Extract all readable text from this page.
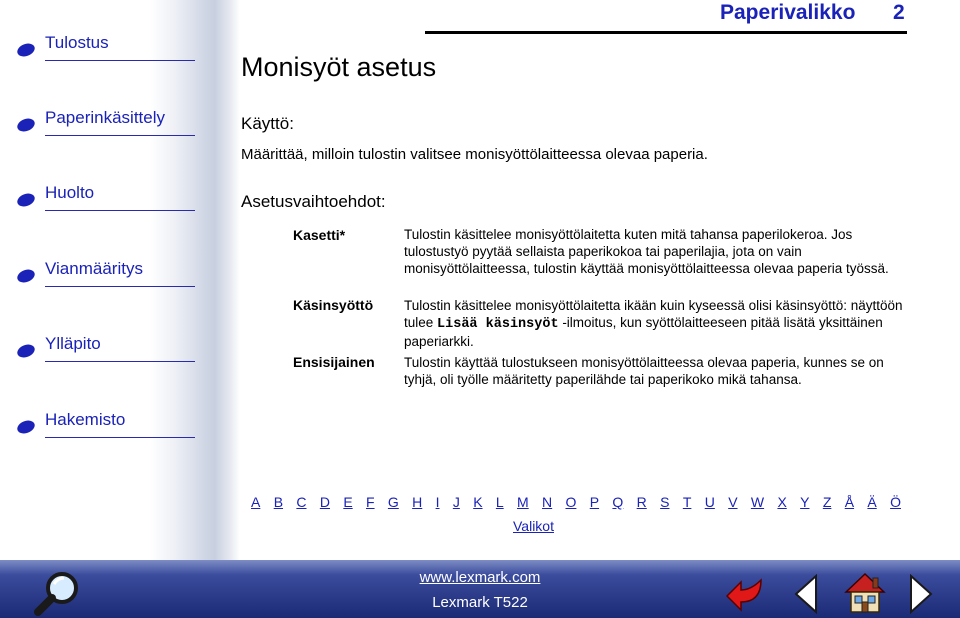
Tulostus
Paperinkäsittely
Huolto
Vianmääritys
Ylläpito
Hakemisto
Paperivalikko 2
Monisyöt asetus
Käyttö:
Määrittää, milloin tulostin valitsee monisyöttölaitteessa olevaa paperia.
Asetusvaihtoehdot:
Kasetti*	Tulostin käsittelee monisyöttölaitetta kuten mitä tahansa paperilokeroa. Jos tulostustyö pyytää sellaista paperikokoa tai paperilajia, jota on vain monisyöttölaitteessa, tulostin käyttää monisyöttölaitteessa olevaa paperia työssä.
Käsinsyöttö Tulostin käsittelee monisyöttölaitetta ikään kuin kyseessä olisi käsinsyöttö: näyttöön tulee Lisää käsinsyöt -ilmoitus, kun syöttölaitteeseen pitää lisätä yksittäinen paperiarkki.
Ensisijainen Tulostin käyttää tulostukseen monisyöttölaitteessa olevaa paperia, kunnes se on tyhjä, oli työlle määritetty paperilähde tai paperikoko mikä tahansa.
A B C D E F G H I J K L M N O P Q R S T U V W X Y Z Å Ä Ö
Valikot
www.lexmark.com
Lexmark T522
